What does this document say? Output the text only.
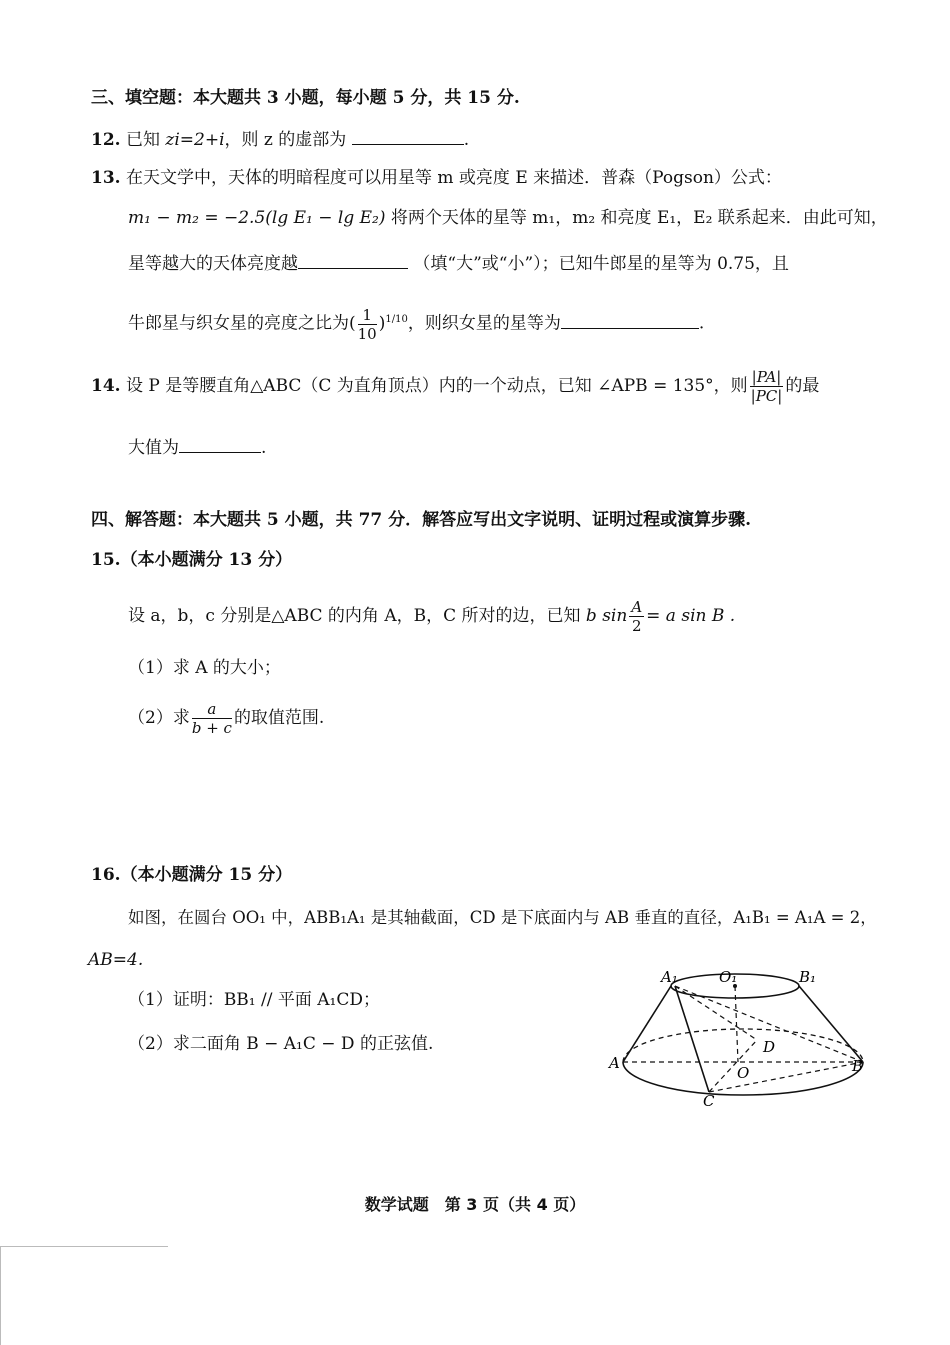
三、填空题：本大题共 3 小题，每小题 5 分，共 15 分.
12. 已知 zi=2+i，则 z 的虚部为	.
13. 在天文学中，天体的明暗程度可以用星等 m 或亮度 E 来描述．普森（Pogson）公式：
m₁ − m₂ = −2.5(lg E₁ − lg E₂) 将两个天体的星等 m₁，m₂ 和亮度 E₁，E₂ 联系起来．由此可知，
星等越大的天体亮度越	（填“大”或“小”）；已知牛郎星的星等为 0.75，且
牛郎星与织女星的亮度之比为( $\frac{1}{10} )^{1/10}$，则织女星的星等为	.
14. 设 P 是等腰直角△ABC（C 为直角顶点）内的一个动点，已知 ∠APB = 135°，则 $\frac{|PA|}{|PC|}$ 的最
大值为	.
四、解答题：本大题共 5 小题，共 77 分．解答应写出文字说明、证明过程或演算步骤.
15.（本小题满分 13 分）
设 a，b，c 分别是△ABC 的内角 A，B，C 所对的边，已知 b $\sin \frac{A}{2} = a$ sin B .
（1）求 A 的大小；
（2）求 $\frac{a}{b + c}$ 的取值范围.
16.（本小题满分 15 分）
如图，在圆台 OO₁ 中，ABB₁A₁ 是其轴截面，CD 是下底面内与 AB 垂直的直径，A₁B₁ = A₁A = 2，
AB=4.
（1）证明：BB₁ // 平面 A₁CD；
（2）求二面角 B − A₁C − D 的正弦值.
A₁	O₁	B₁
A	B
C
D
O
数学试题　第 3 页（共 4 页）
